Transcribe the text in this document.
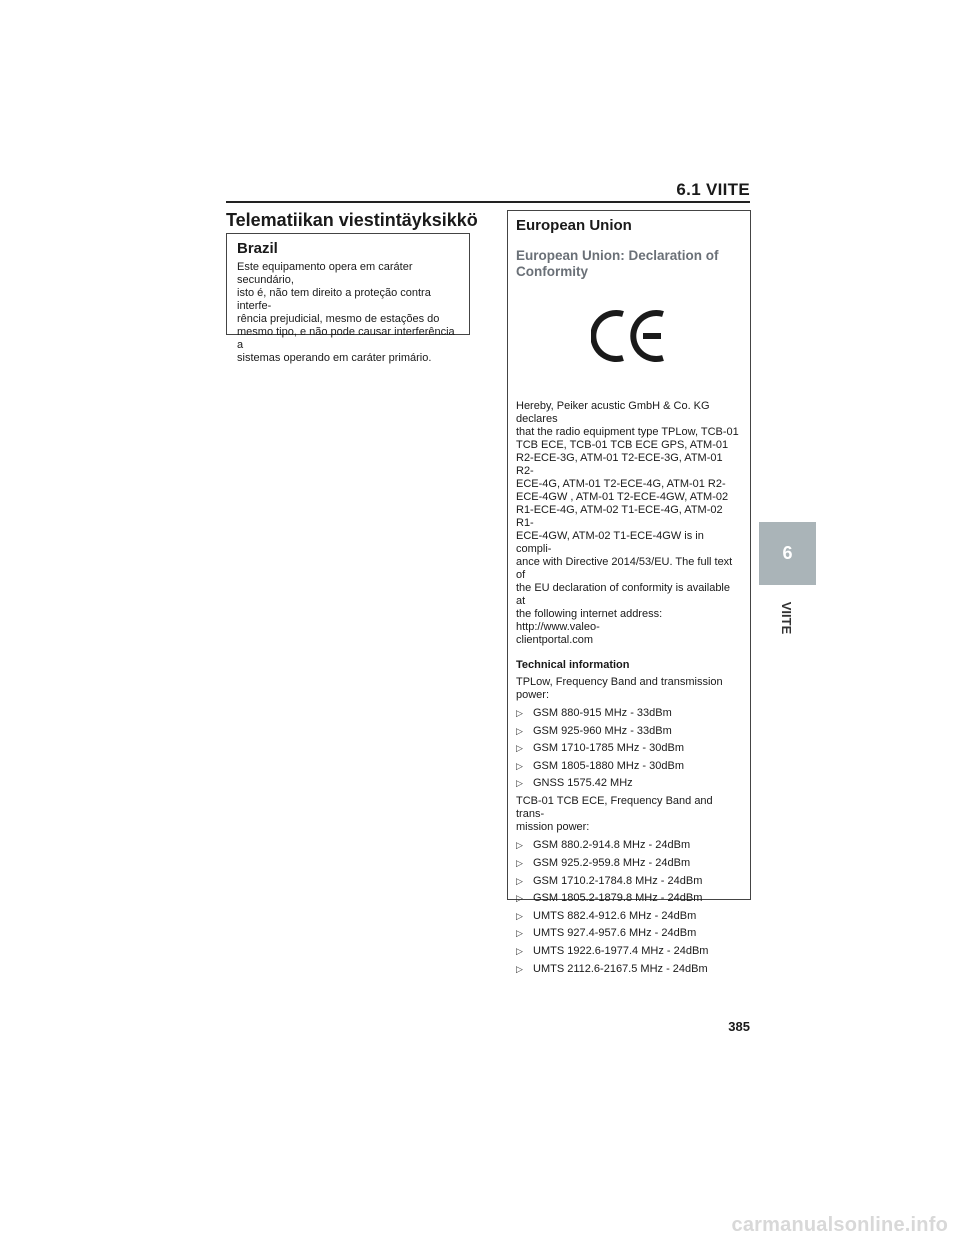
6.1 VIITE
Telematiikan viestintäyksikkö
Brazil
Este equipamento opera em caráter secundário,
isto é, não tem direito a proteção contra interfe-
rência prejudicial, mesmo de estações do
mesmo tipo, e não pode causar interferência a
sistemas operando em caráter primário.
European Union
European Union: Declaration of
Conformity
Hereby, Peiker acustic GmbH & Co. KG declares
that the radio equipment type TPLow, TCB-01
TCB ECE, TCB-01 TCB ECE GPS, ATM-01
R2-ECE-3G, ATM-01 T2-ECE-3G, ATM-01 R2-
ECE-4G, ATM-01 T2-ECE-4G, ATM-01 R2-
ECE-4GW , ATM-01 T2-ECE-4GW, ATM-02
R1-ECE-4G, ATM-02 T1-ECE-4G, ATM-02 R1-
ECE-4GW, ATM-02 T1-ECE-4GW is in compli-
ance with Directive 2014/53/EU. The full text of
the EU declaration of conformity is available at
the following internet address: http://www.valeo-
clientportal.com
Technical information
TPLow, Frequency Band and transmission
power:
▷ GSM 880-915 MHz - 33dBm
▷ GSM 925-960 MHz - 33dBm
▷ GSM 1710-1785 MHz - 30dBm
▷ GSM 1805-1880 MHz - 30dBm
▷ GNSS 1575.42 MHz
TCB-01 TCB ECE, Frequency Band and trans-
mission power:
▷ GSM 880.2-914.8 MHz - 24dBm
▷ GSM 925.2-959.8 MHz - 24dBm
▷ GSM 1710.2-1784.8 MHz - 24dBm
▷ GSM 1805.2-1879.8 MHz - 24dBm
▷ UMTS 882.4-912.6 MHz - 24dBm
▷ UMTS 927.4-957.6 MHz - 24dBm
▷ UMTS 1922.6-1977.4 MHz - 24dBm
▷ UMTS 2112.6-2167.5 MHz - 24dBm
6
VIITE
385
carmanualsonline.info
